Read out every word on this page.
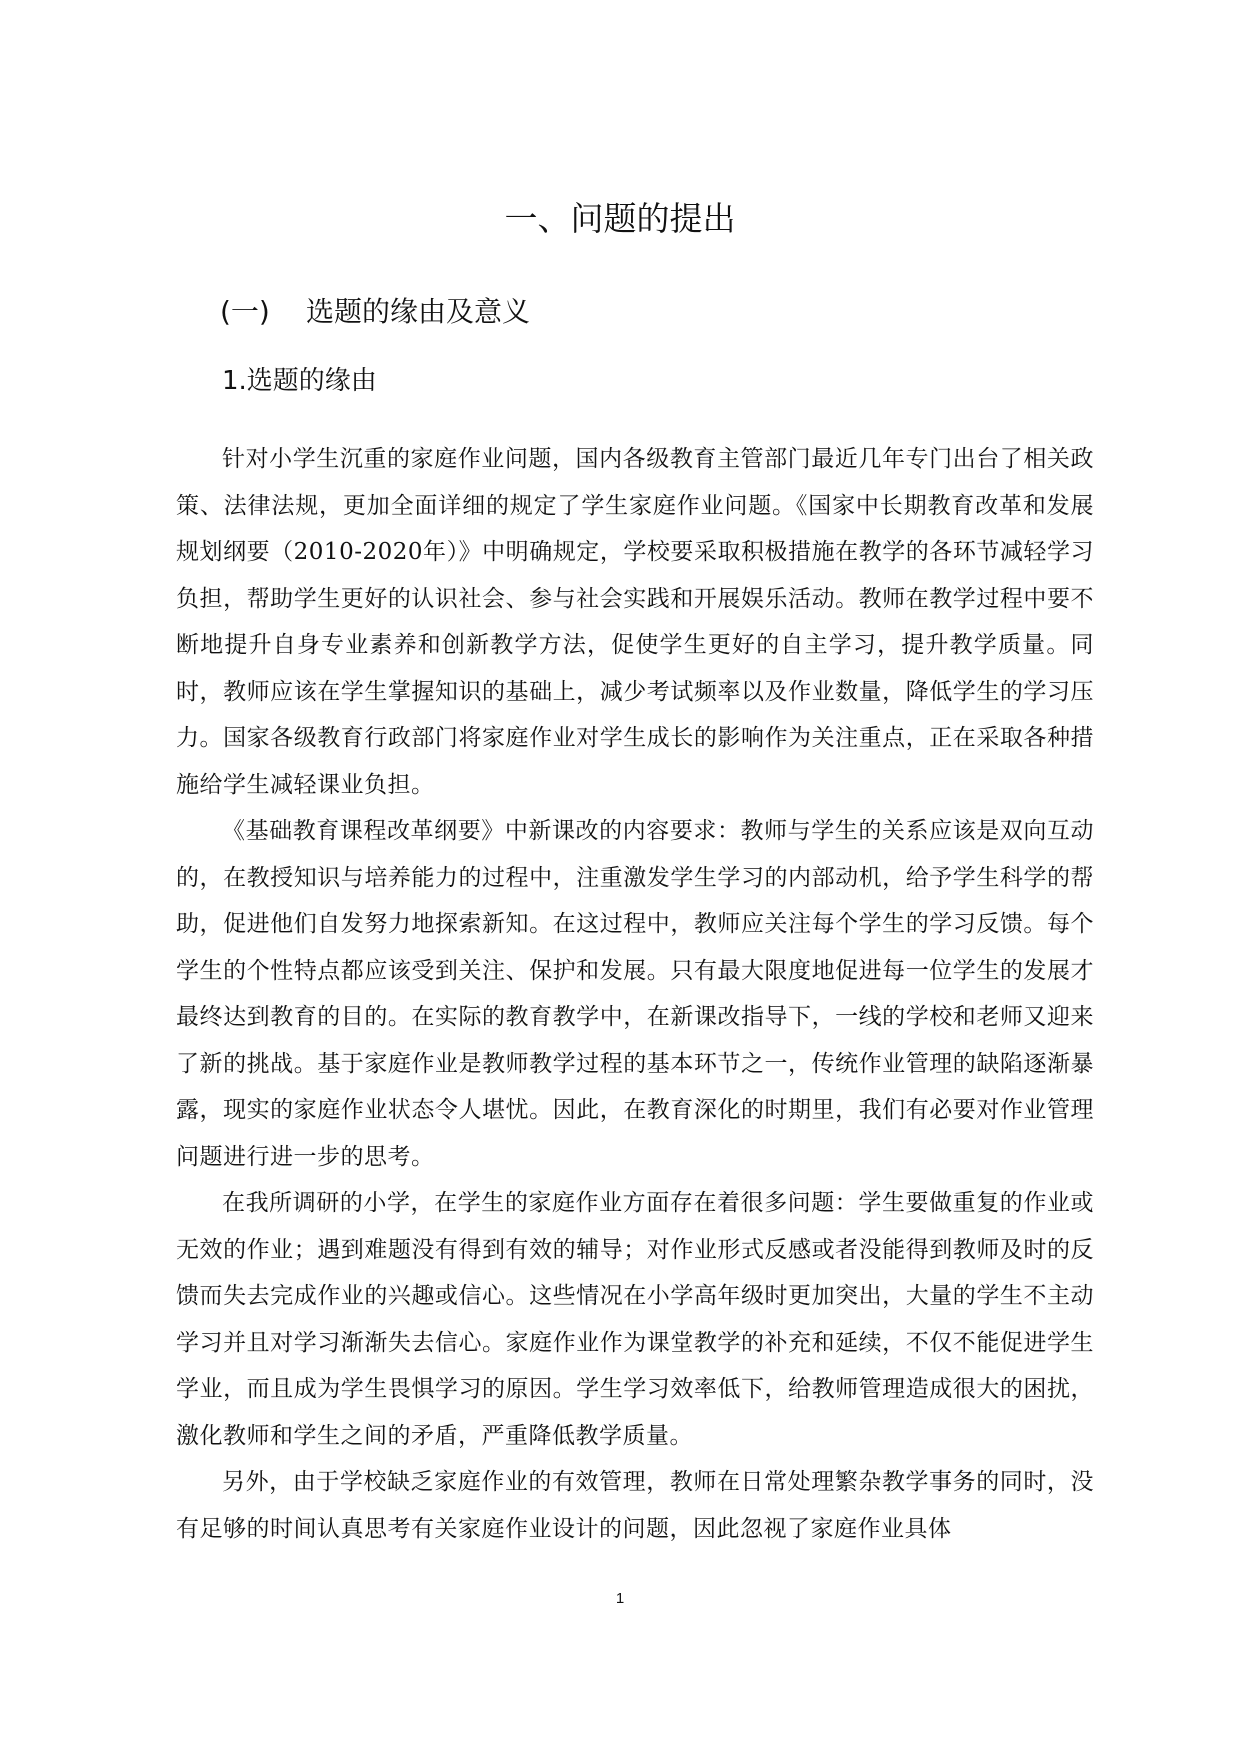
一、问题的提出
(一) 选题的缘由及意义
1.选题的缘由

针对小学生沉重的家庭作业问题，国内各级教育主管部门最近几年专门出台了相关政策、法律法规，更加全面详细的规定了学生家庭作业问题。《国家中长期教育改革和发展规划纲要（2010-2020年）》中明确规定，学校要采取积极措施在教学的各环节减轻学习负担，帮助学生更好的认识社会、参与社会实践和开展娱乐活动。教师在教学过程中要不断地提升自身专业素养和创新教学方法，促使学生更好的自主学习，提升教学质量。同时，教师应该在学生掌握知识的基础上，减少考试频率以及作业数量，降低学生的学习压力。国家各级教育行政部门将家庭作业对学生成长的影响作为关注重点，正在采取各种措施给学生减轻课业负担。

《基础教育课程改革纲要》中新课改的内容要求：教师与学生的关系应该是双向互动的，在教授知识与培养能力的过程中，注重激发学生学习的内部动机，给予学生科学的帮助，促进他们自发努力地探索新知。在这过程中，教师应关注每个学生的学习反馈。每个学生的个性特点都应该受到关注、保护和发展。只有最大限度地促进每一位学生的发展才最终达到教育的目的。在实际的教育教学中，在新课改指导下，一线的学校和老师又迎来了新的挑战。基于家庭作业是教师教学过程的基本环节之一，传统作业管理的缺陷逐渐暴露，现实的家庭作业状态令人堪忧。因此，在教育深化的时期里，我们有必要对作业管理问题进行进一步的思考。

在我所调研的小学，在学生的家庭作业方面存在着很多问题：学生要做重复的作业或无效的作业；遇到难题没有得到有效的辅导；对作业形式反感或者没能得到教师及时的反馈而失去完成作业的兴趣或信心。这些情况在小学高年级时更加突出，大量的学生不主动学习并且对学习渐渐失去信心。家庭作业作为课堂教学的补充和延续，不仅不能促进学生学业，而且成为学生畏惧学习的原因。学生学习效率低下，给教师管理造成很大的困扰，激化教师和学生之间的矛盾，严重降低教学质量。

另外，由于学校缺乏家庭作业的有效管理，教师在日常处理繁杂教学事务的同时，没有足够的时间认真思考有关家庭作业设计的问题，因此忽视了家庭作业具体

1
